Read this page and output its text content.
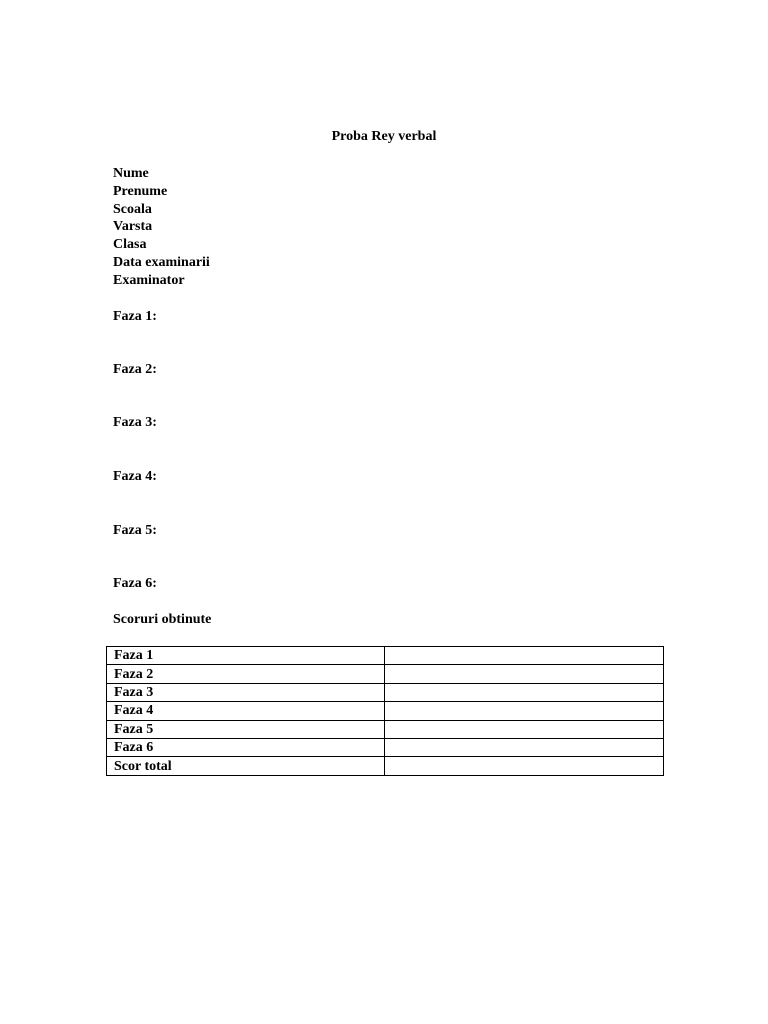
Proba Rey verbal
Nume
Prenume
Scoala
Varsta
Clasa
Data examinarii
Examinator
Faza 1:
Faza 2:
Faza 3:
Faza 4:
Faza 5:
Faza 6:
Scoruri obtinute
Faza 1	
Faza 2	
Faza 3	
Faza 4	
Faza 5	
Faza 6	
Scor total	
